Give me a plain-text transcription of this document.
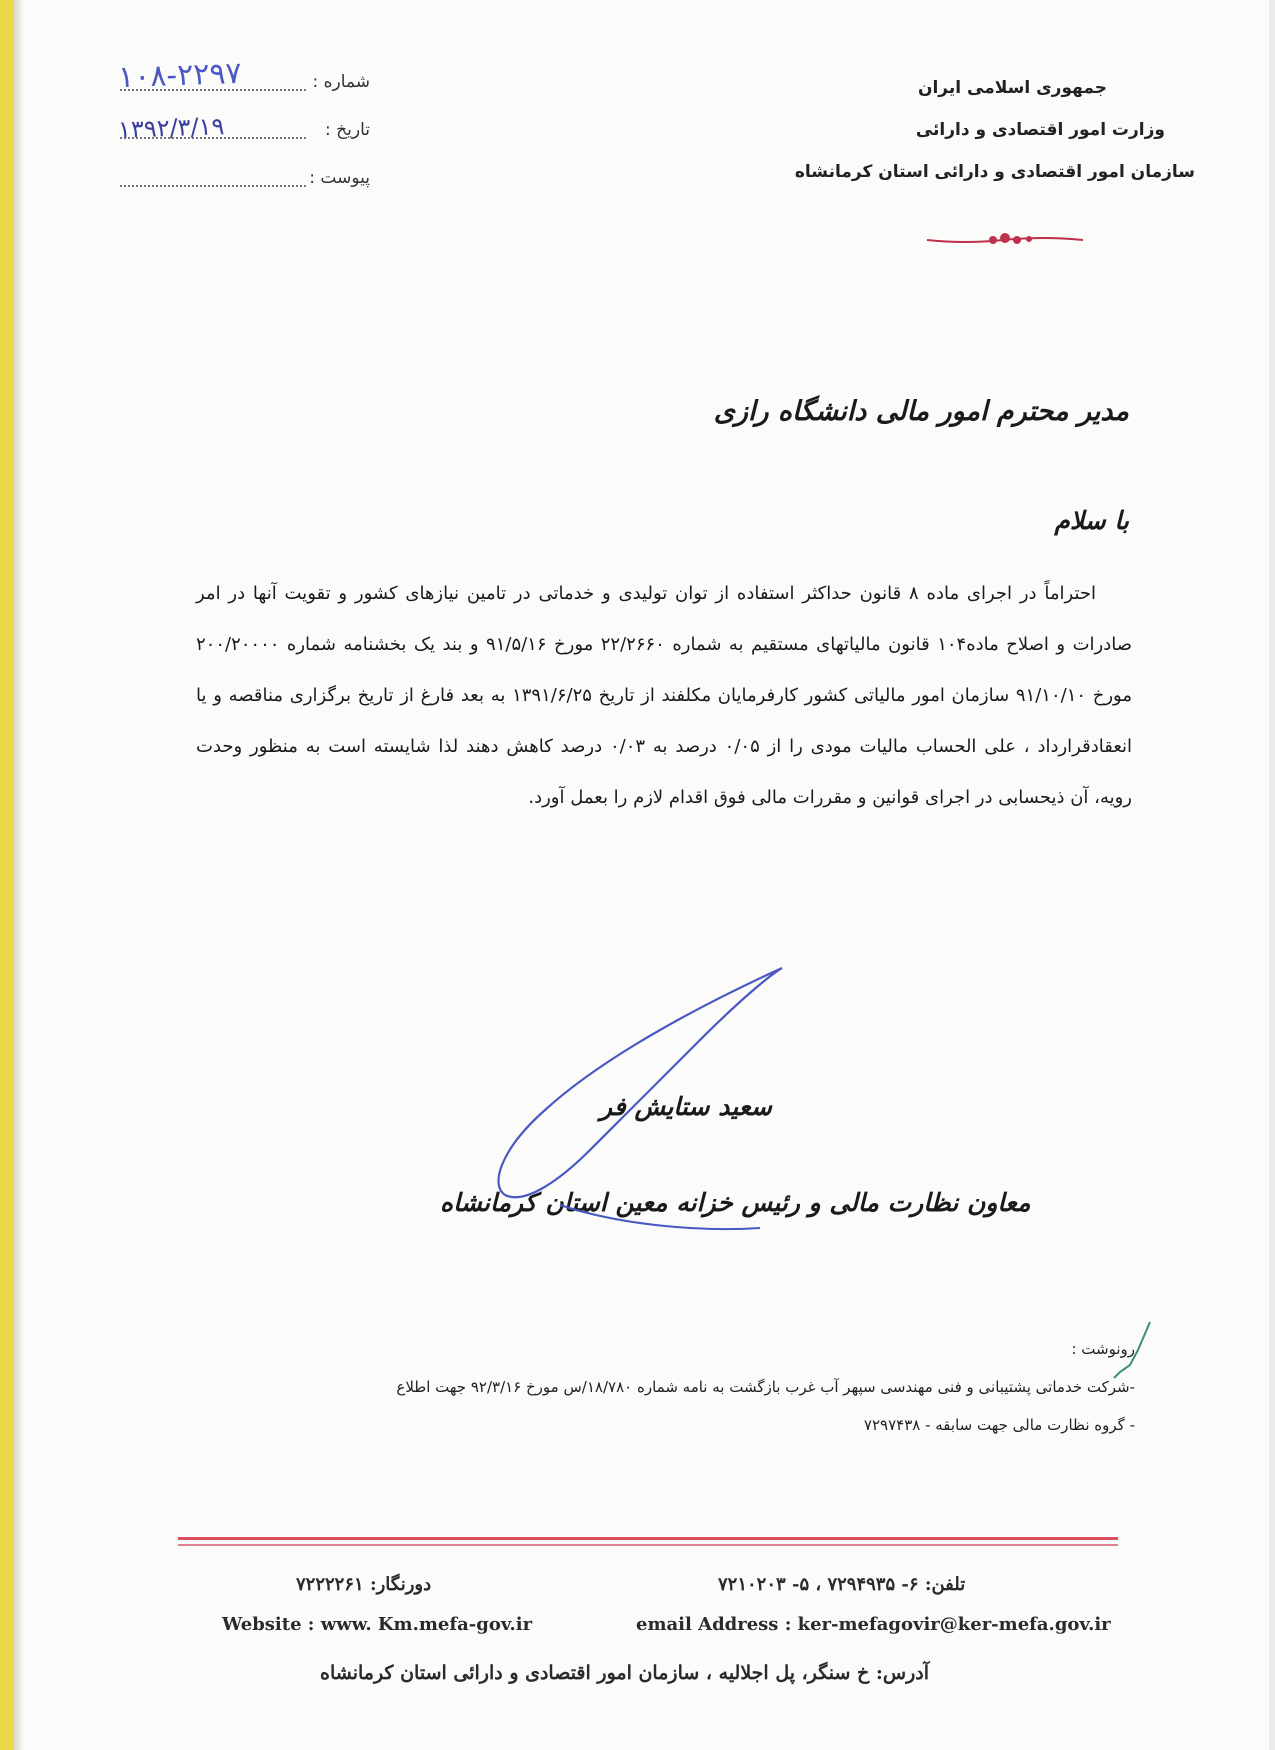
جمهوری اسلامی ایران
وزارت امور اقتصادی و دارائی
سازمان امور اقتصادی و دارائی استان کرمانشاه
شماره :
۱۰۸-۲۲۹۷
تاریخ :
۱۳۹۲/۳/۱۹
پیوست :
مدیر محترم امور مالی دانشگاه رازی
با سلام

احتراماً در اجرای ماده ۸ قانون حداکثر استفاده از توان تولیدی و خدماتی در تامین نیازهای کشور و تقویت آنها در امر صادرات و اصلاح ماده۱۰۴ قانون مالیاتهای مستقیم به شماره ۲۲/۲۶۶۰ مورخ ۹۱/۵/۱۶ و بند یک بخشنامه شماره ۲۰۰/۲۰۰۰۰ مورخ ۹۱/۱۰/۱۰ سازمان امور مالیاتی کشور کارفرمایان مکلفند از تاریخ ۱۳۹۱/۶/۲۵ به بعد فارغ از تاریخ برگزاری مناقصه و یا انعقادقرارداد ، علی الحساب مالیات مودی را از ۰/۰۵ درصد به ۰/۰۳ درصد کاهش دهند لذا شایسته است به منظور وحدت رویه، آن ذیحسابی در اجرای قوانین و مقررات مالی فوق اقدام لازم را بعمل آورد.

سعید ستایش فر
معاون نظارت مالی و رئیس خزانه معین استان کرمانشاه
رونوشت :
-شرکت خدماتی پشتیبانی و فنی مهندسی سپهر آب غرب بازگشت به نامه شماره ۱۸/۷۸۰/س مورخ ۹۲/۳/۱۶ جهت اطلاع
- گروه نظارت مالی جهت سابقه - ۷۲۹۷۴۳۸
تلفن: ۶- ۷۲۹۴۹۳۵ ، ۵- ۷۲۱۰۲۰۳
دورنگار: ۷۲۲۲۲۶۱
email Address : ker-mefagovir@ker-mefa.gov.ir
Website : www. Km.mefa-gov.ir
آدرس: خ سنگر، پل اجلالیه ، سازمان امور اقتصادی و دارائی استان کرمانشاه
